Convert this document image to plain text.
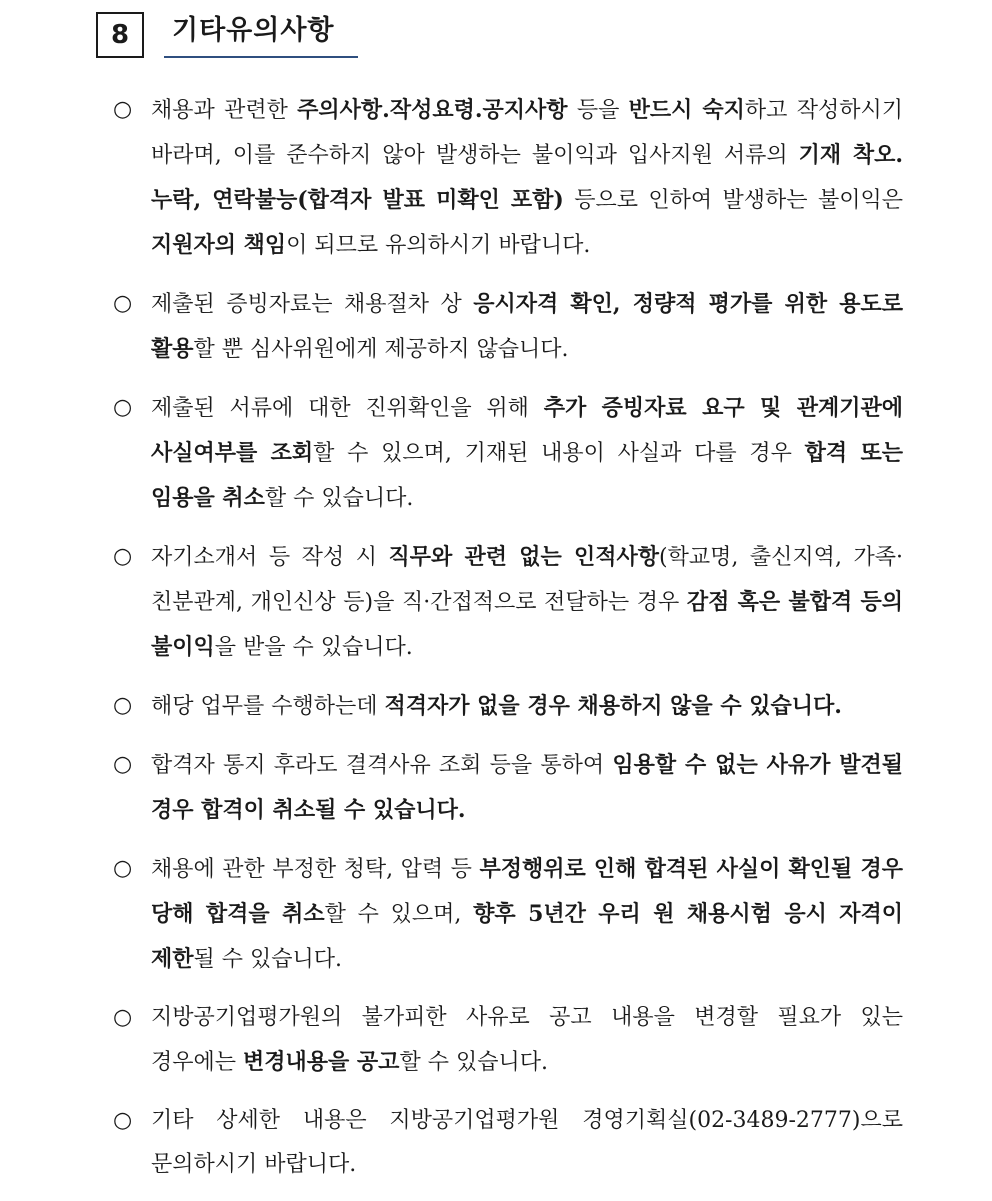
8	기타유의사항
○ 채용과 관련한 주의사항.작성요령.공지사항 등을 반드시 숙지하고 작성하시기 바라며, 이를 준수하지 않아 발생하는 불이익과 입사지원 서류의 기재 착오.누락, 연락불능(합격자 발표 미확인 포함) 등으로 인하여 발생하는 불이익은 지원자의 책임이 되므로 유의하시기 바랍니다.
○ 제출된 증빙자료는 채용절차 상 응시자격 확인, 정량적 평가를 위한 용도로 활용할 뿐 심사위원에게 제공하지 않습니다.
○ 제출된 서류에 대한 진위확인을 위해 추가 증빙자료 요구 및 관계기관에 사실여부를 조회할 수 있으며, 기재된 내용이 사실과 다를 경우 합격 또는 임용을 취소할 수 있습니다.
○ 자기소개서 등 작성 시 직무와 관련 없는 인적사항(학교명, 출신지역, 가족·친분관계, 개인신상 등)을 직·간접적으로 전달하는 경우 감점 혹은 불합격 등의 불이익을 받을 수 있습니다.
○ 해당 업무를 수행하는데 적격자가 없을 경우 채용하지 않을 수 있습니다.
○ 합격자 통지 후라도 결격사유 조회 등을 통하여 임용할 수 없는 사유가 발견될 경우 합격이 취소될 수 있습니다.
○ 채용에 관한 부정한 청탁, 압력 등 부정행위로 인해 합격된 사실이 확인될 경우 당해 합격을 취소할 수 있으며, 향후 5년간 우리 원 채용시험 응시 자격이 제한될 수 있습니다.
○ 지방공기업평가원의 불가피한 사유로 공고 내용을 변경할 필요가 있는 경우에는 변경내용을 공고할 수 있습니다.
○ 기타 상세한 내용은 지방공기업평가원 경영기획실(02-3489-2777)으로 문의하시기 바랍니다.
